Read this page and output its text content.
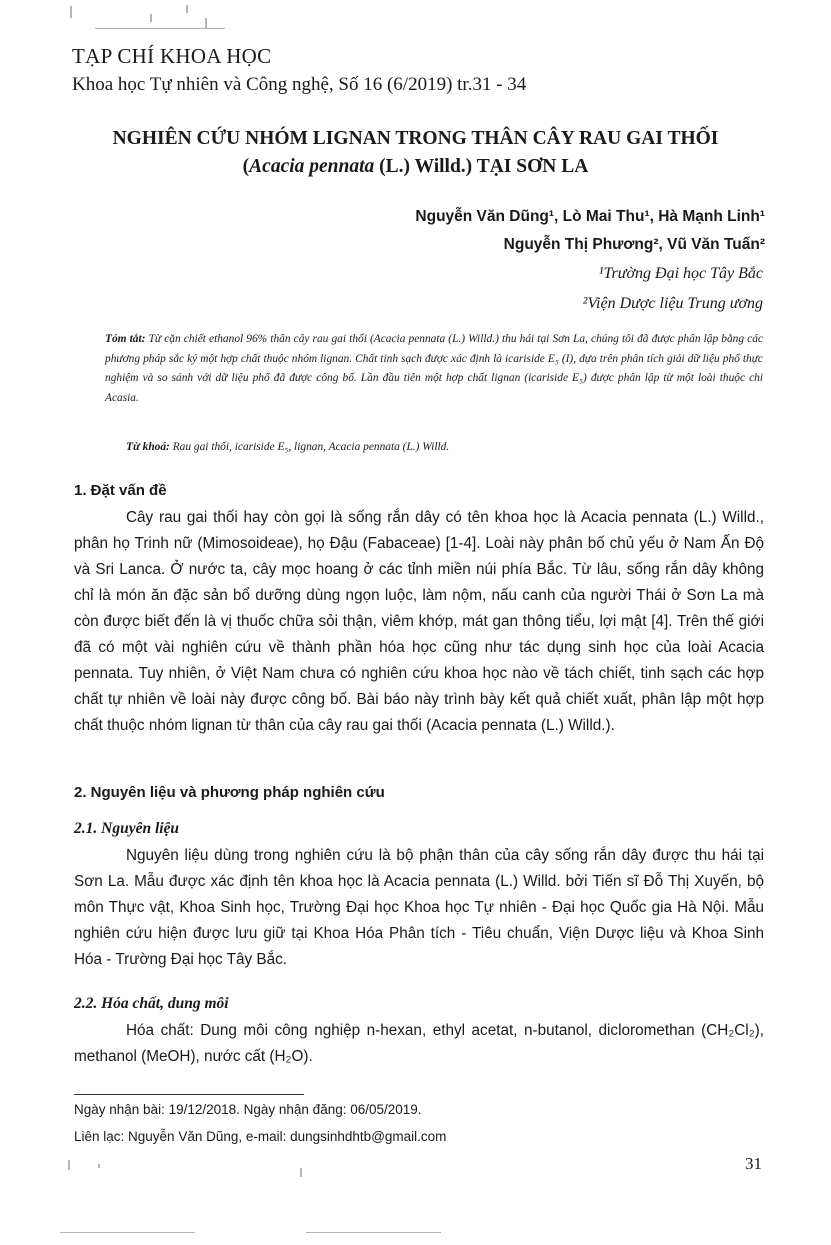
TẠP CHÍ KHOA HỌC
Khoa học Tự nhiên và Công nghệ, Số 16 (6/2019) tr.31 - 34
NGHIÊN CỨU NHÓM LIGNAN TRONG THÂN CÂY RAU GAI THỐI
(Acacia pennata (L.) Willd.) TẠI SƠN LA
Nguyễn Văn Dũng¹, Lò Mai Thu¹, Hà Mạnh Linh¹
Nguyễn Thị Phương², Vũ Văn Tuấn²
¹Trường Đại học Tây Bắc
²Viện Dược liệu Trung ương
Tóm tắt: Từ cặn chiết ethanol 96% thân cây rau gai thối (Acacia pennata (L.) Willd.) thu hái tại Sơn La, chúng tôi đã được phân lập bằng các phương pháp sắc ký một hợp chất thuộc nhóm lignan. Chất tinh sạch được xác định là icariside E₅ (I), dựa trên phân tích giải dữ liệu phổ thực nghiệm và so sánh với dữ liệu phổ đã được công bố. Lần đầu tiên một hợp chất lignan (icariside E₅) được phân lập từ một loài thuộc chi Acasia.
Từ khoá: Rau gai thối, icariside E₅, lignan, Acacia pennata (L.) Willd.
1. Đặt vấn đề
Cây rau gai thối hay còn gọi là sống rắn dây có tên khoa học là Acacia pennata (L.) Willd., phân họ Trinh nữ (Mimosoideae), họ Đậu (Fabaceae) [1-4]. Loài này phân bố chủ yếu ở Nam Ấn Độ và Sri Lanca. Ở nước ta, cây mọc hoang ở các tỉnh miền núi phía Bắc. Từ lâu, sống rắn dây không chỉ là món ăn đặc sản bổ dưỡng dùng ngọn luộc, làm nộm, nấu canh của người Thái ở Sơn La mà còn được biết đến là vị thuốc chữa sỏi thận, viêm khớp, mát gan thông tiểu, lợi mật [4]. Trên thế giới đã có một vài nghiên cứu về thành phần hóa học cũng như tác dụng sinh học của loài Acacia pennata. Tuy nhiên, ở Việt Nam chưa có nghiên cứu khoa học nào về tách chiết, tinh sạch các hợp chất tự nhiên về loài này được công bố. Bài báo này trình bày kết quả chiết xuất, phân lập một hợp chất thuộc nhóm lignan từ thân của cây rau gai thối (Acacia pennata (L.) Willd.).
2. Nguyên liệu và phương pháp nghiên cứu
2.1. Nguyên liệu
Nguyên liệu dùng trong nghiên cứu là bộ phận thân của cây sống rắn dây được thu hái tại Sơn La. Mẫu được xác định tên khoa học là Acacia pennata (L.) Willd. bởi Tiến sĩ Đỗ Thị Xuyến, bộ môn Thực vật, Khoa Sinh học, Trường Đại học Khoa học Tự nhiên - Đại học Quốc gia Hà Nội. Mẫu nghiên cứu hiện được lưu giữ tại Khoa Hóa Phân tích - Tiêu chuẩn, Viện Dược liệu và Khoa Sinh Hóa - Trường Đại học Tây Bắc.
2.2. Hóa chất, dung môi
Hóa chất: Dung môi công nghiệp n-hexan, ethyl acetat, n-butanol, dicloromethan (CH₂Cl₂), methanol (MeOH), nước cất (H₂O).
Ngày nhận bài: 19/12/2018. Ngày nhận đăng: 06/05/2019.
Liên lạc: Nguyễn Văn Dũng, e-mail: dungsinhdhtb@gmail.com
31
